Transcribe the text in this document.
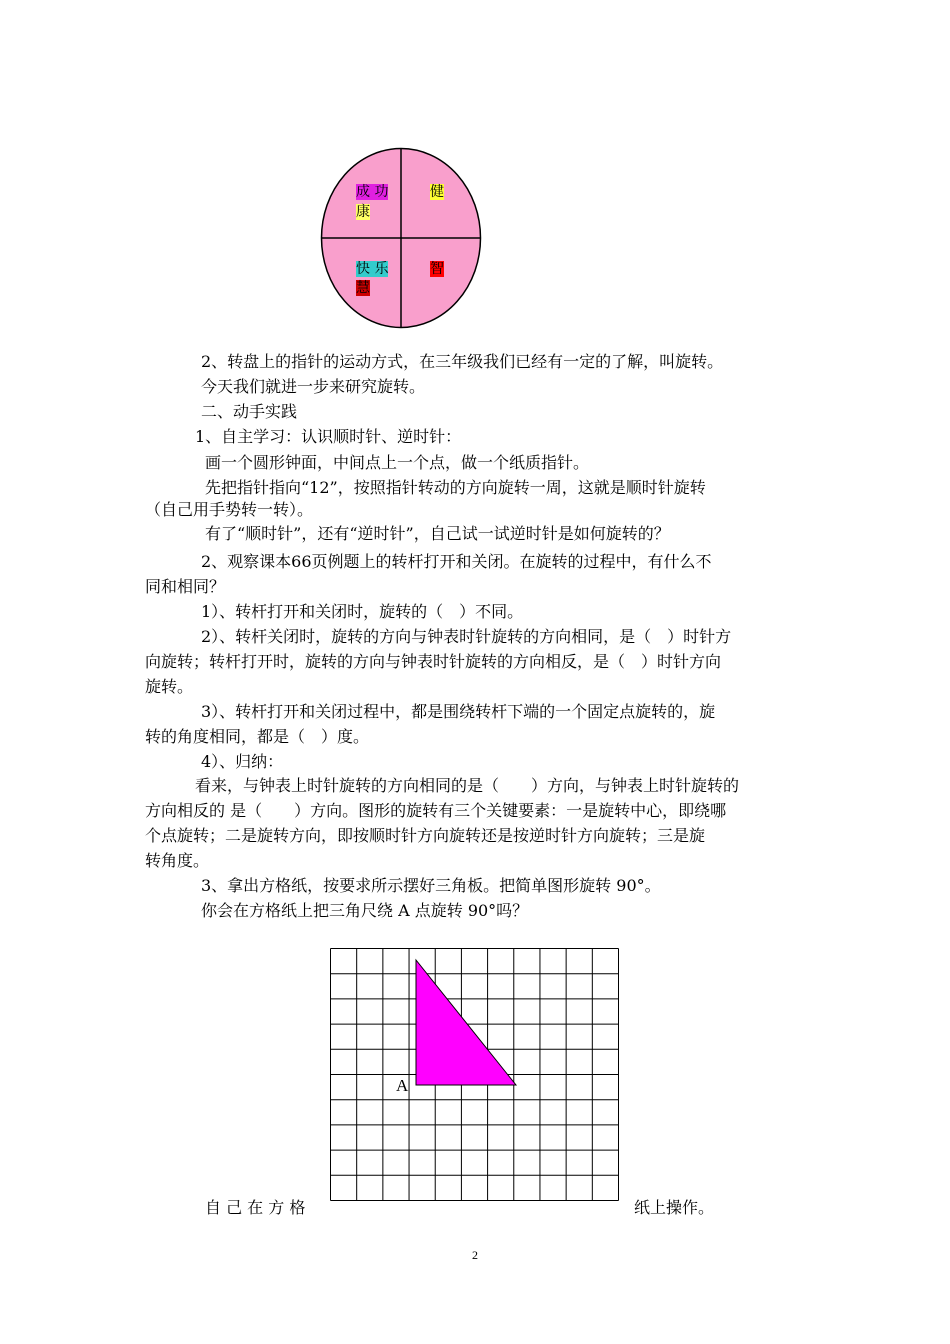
成 功
康
健
快 乐
慧
智
2、转盘上的指针的运动方式，在三年级我们已经有一定的了解，叫旋转。
今天我们就进一步来研究旋转。
二、动手实践
1、自主学习：认识顺时针、逆时针：
画一个圆形钟面，中间点上一个点，做一个纸质指针。
先把指针指向“12”，按照指针转动的方向旋转一周，这就是顺时针旋转
（自己用手势转一转）。
有了“顺时针”，还有“逆时针”，自己试一试逆时针是如何旋转的？
2、观察课本66页例题上的转杆打开和关闭。在旋转的过程中，有什么不
同和相同？
1）、转杆打开和关闭时，旋转的（　）不同。
2）、转杆关闭时，旋转的方向与钟表时针旋转的方向相同，是（　）时针方
向旋转；转杆打开时，旋转的方向与钟表时针旋转的方向相反，是（　）时针方向
旋转。
3）、转杆打开和关闭过程中，都是围绕转杆下端的一个固定点旋转的，旋
转的角度相同，都是（　）度。
4）、归纳：
看来，与钟表上时针旋转的方向相同的是（　　）方向，与钟表上时针旋转的
方向相反的 是（　　）方向。图形的旋转有三个关键要素：一是旋转中心，即绕哪
个点旋转；二是旋转方向，即按顺时针方向旋转还是按逆时针方向旋转；三是旋
转角度。
3、拿出方格纸，按要求所示摆好三角板。把简单图形旋转 90°。
你会在方格纸上把三角尺绕 A 点旋转 90°吗？
A
自 己 在 方 格	纸上操作。
2
